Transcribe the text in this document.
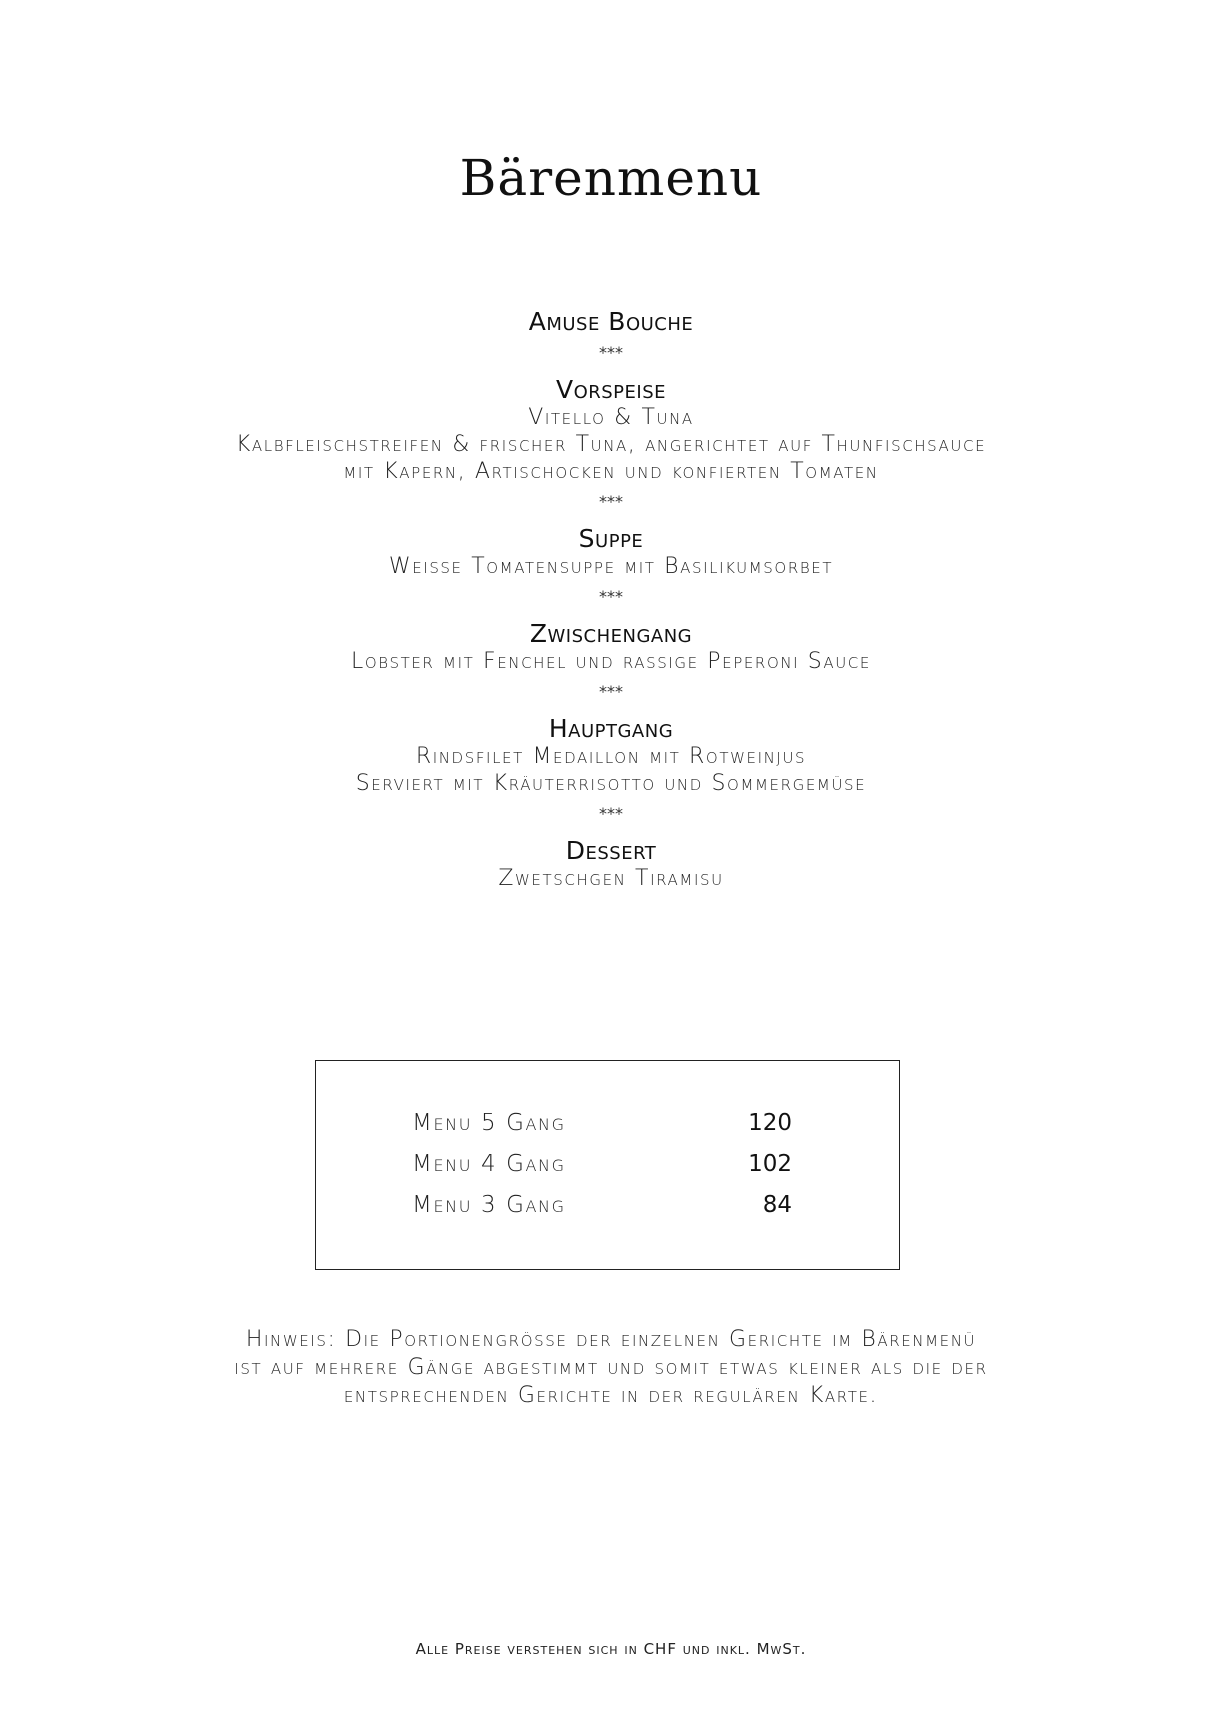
Bärenmenu
Amuse Bouche
***
Vorspeise
Vitello & Tuna
Kalbfleischstreifen & frischer Tuna, angerichtet auf Thunfischsauce
mit Kapern, Artischocken und konfierten Tomaten
***
Suppe
Weisse Tomatensuppe mit Basilikumsorbet
***
Zwischengang
Lobster mit Fenchel und rassige Peperoni Sauce
***
Hauptgang
Rindsfilet Medaillon mit Rotweinjus
Serviert mit Kräuterrisotto und Sommergemüse
***
Dessert
Zwetschgen Tiramisu
Menu 5 Gang	120
Menu 4 Gang	102
Menu 3 Gang	84
Hinweis: Die Portionengrösse der einzelnen Gerichte im Bärenmenü
ist auf mehrere Gänge abgestimmt und somit etwas kleiner als die der
entsprechenden Gerichte in der regulären Karte.
Alle Preise verstehen sich in CHF und inkl. MwSt.
